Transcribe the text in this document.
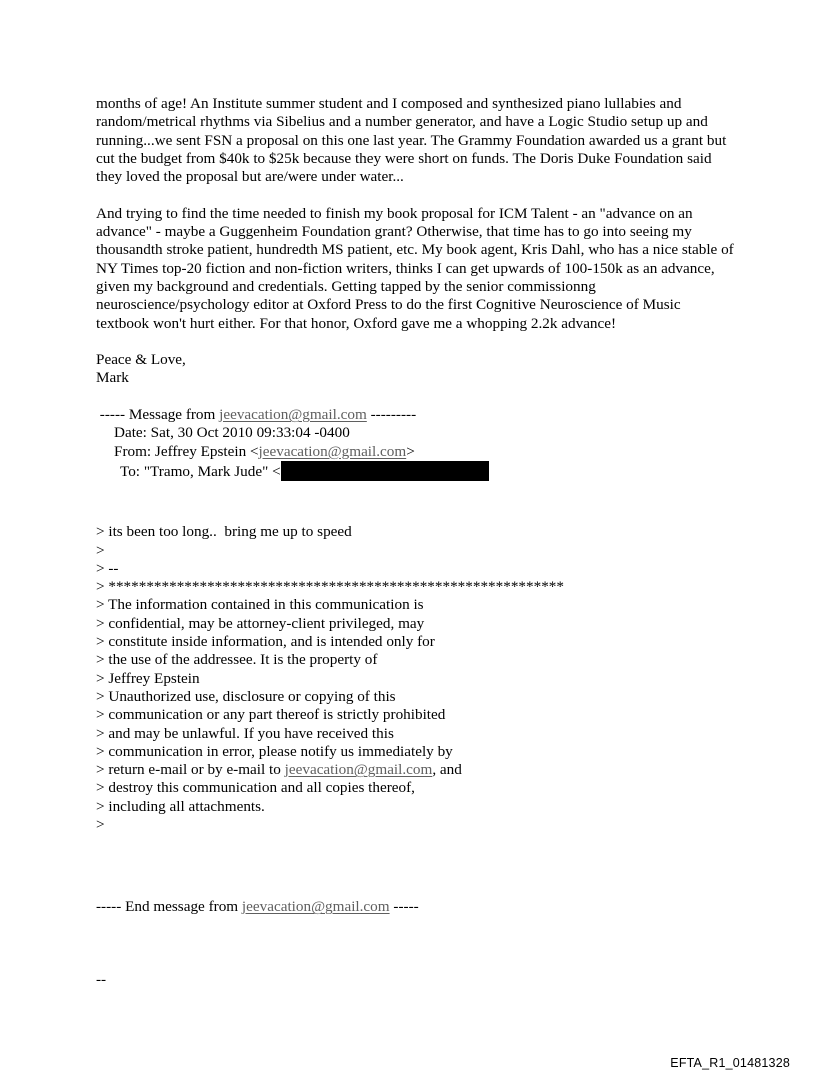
months of age! An Institute summer student and I composed and synthesized piano lullabies and random/metrical rhythms via Sibelius and a number generator, and have a Logic Studio setup up and running...we sent FSN a proposal on this one last year. The Grammy Foundation awarded us a grant but cut the budget from $40k to $25k because they were short on funds. The Doris Duke Foundation said they loved the proposal but are/were under water...

And trying to find the time needed to finish my book proposal for ICM Talent - an "advance on an advance" - maybe a Guggenheim Foundation grant? Otherwise, that time has to go into seeing my thousandth stroke patient, hundredth MS patient, etc. My book agent, Kris Dahl, who has a nice stable of NY Times top-20 fiction and non-fiction writers, thinks I can get upwards of 100-150k as an advance, given my background and credentials. Getting tapped by the senior commissionng neuroscience/psychology editor at Oxford Press to do the first Cognitive Neuroscience of Music textbook won't hurt either. For that honor, Oxford gave me a whopping 2.2k advance!

Peace & Love,
Mark
----- Message from jeevacation@gmail.com ---------
Date: Sat, 30 Oct 2010 09:33:04 -0400
From: Jeffrey Epstein <jeevacation@gmail.com>
To: "Tramo, Mark Jude" <

> its been too long..  bring me up to speed

>

> --

> ************************************************************

> The information contained in this communication is

> confidential, may be attorney-client privileged, may

> constitute inside information, and is intended only for

> the use of the addressee. It is the property of

> Jeffrey Epstein

> Unauthorized use, disclosure or copying of this

> communication or any part thereof is strictly prohibited

> and may be unlawful. If you have received this

> communication in error, please notify us immediately by

> return e-mail or by e-mail to jeevacation@gmail.com, and

> destroy this communication and all copies thereof,

> including all attachments.

>

----- End message from jeevacation@gmail.com -----
--
EFTA_R1_01481328
